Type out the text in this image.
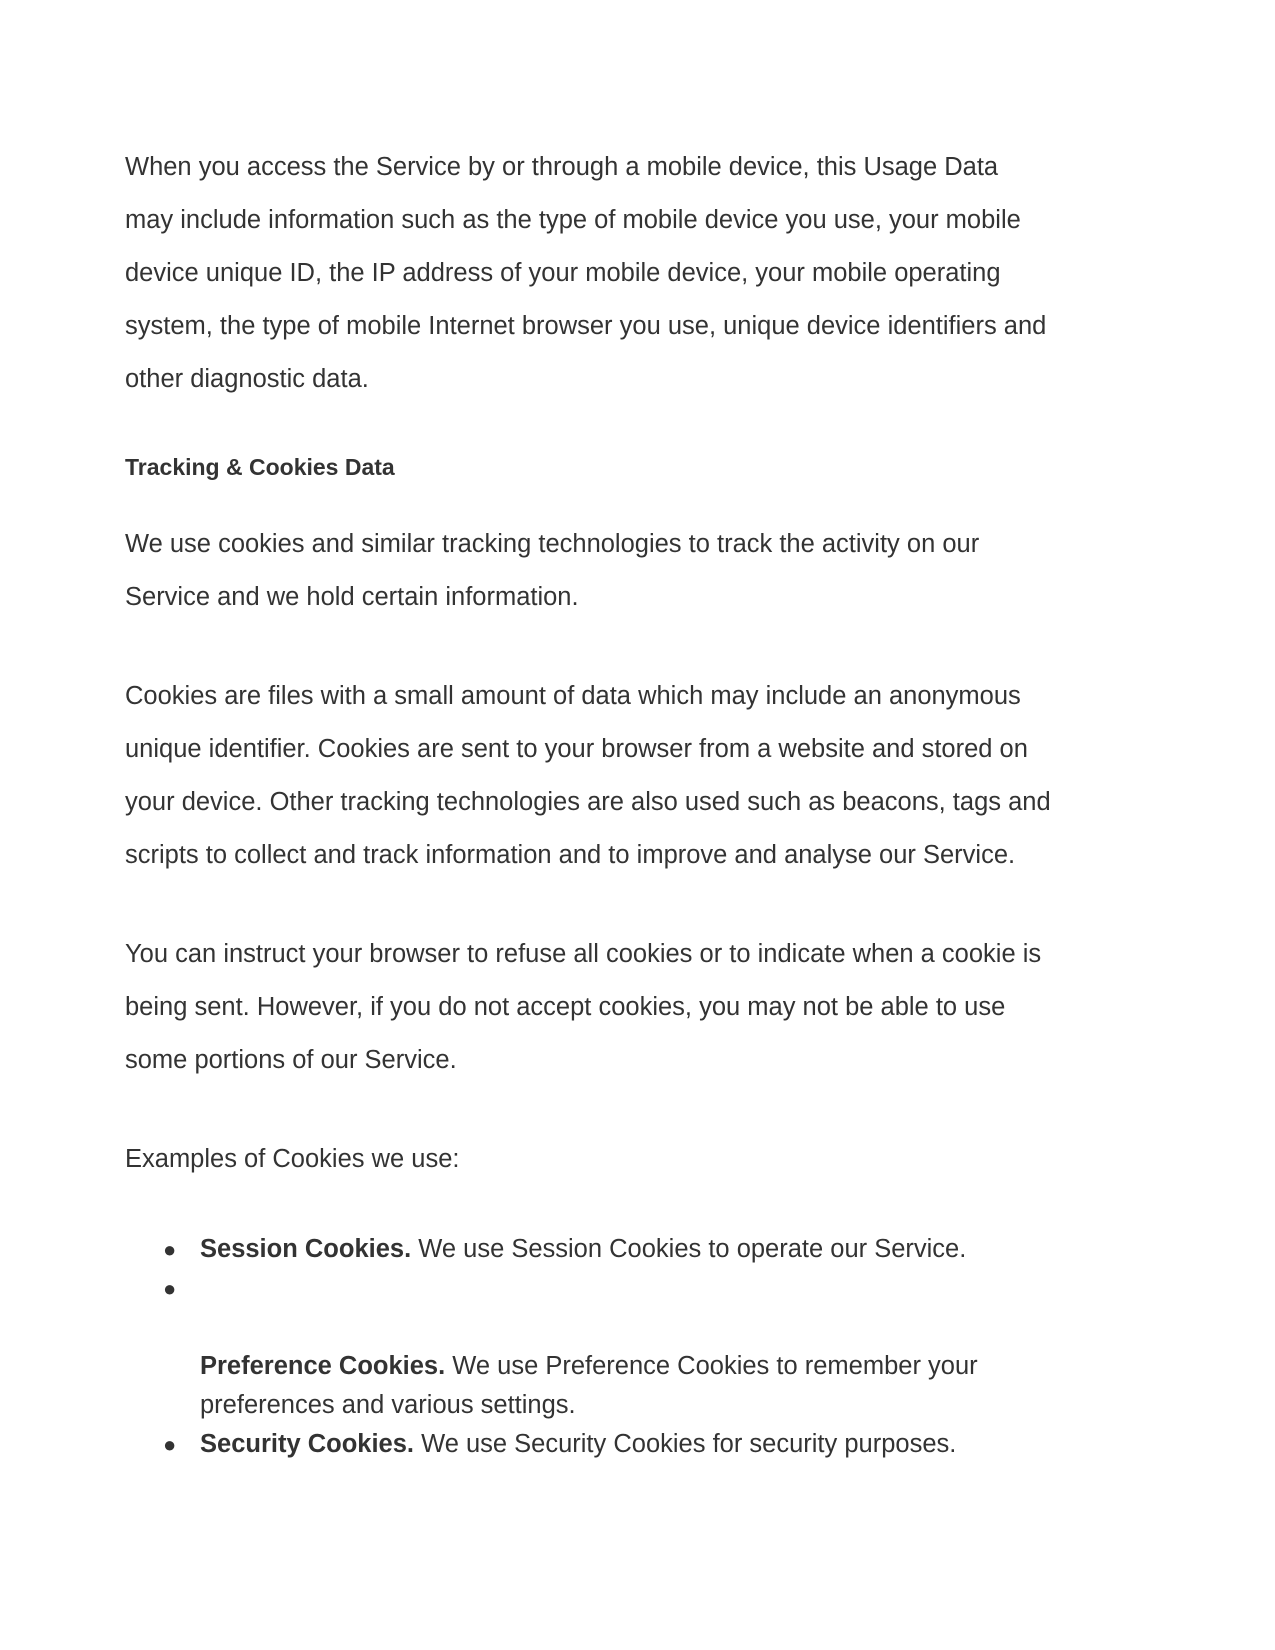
When you access the Service by or through a mobile device, this Usage Data
may include information such as the type of mobile device you use, your mobile
device unique ID, the IP address of your mobile device, your mobile operating
system, the type of mobile Internet browser you use, unique device identifiers and
other diagnostic data.

Tracking & Cookies Data

We use cookies and similar tracking technologies to track the activity on our
Service and we hold certain information.

Cookies are files with a small amount of data which may include an anonymous
unique identifier. Cookies are sent to your browser from a website and stored on
your device. Other tracking technologies are also used such as beacons, tags and
scripts to collect and track information and to improve and analyse our Service.

You can instruct your browser to refuse all cookies or to indicate when a cookie is
being sent. However, if you do not accept cookies, you may not be able to use
some portions of our Service.

Examples of Cookies we use:

● Session Cookies. We use Session Cookies to operate our Service.

●

Preference Cookies. We use Preference Cookies to remember your
preferences and various settings.

● Security Cookies. We use Security Cookies for security purposes.
